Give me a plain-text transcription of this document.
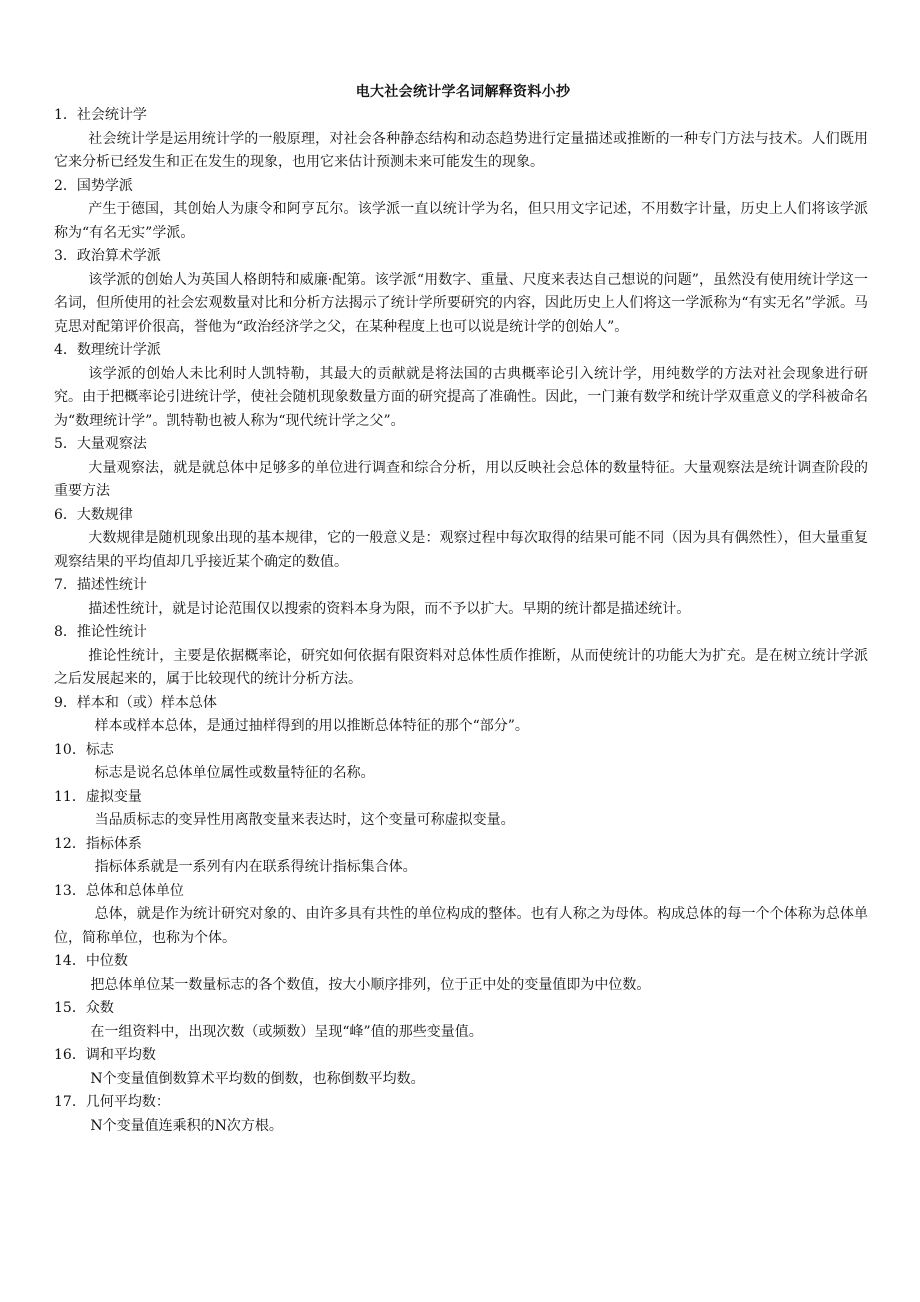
电大社会统计学名词解释资料小抄

1．社会统计学

社会统计学是运用统计学的一般原理，对社会各种静态结构和动态趋势进行定量描述或推断的一种专门方法与技术。人们既用它来分析已经发生和正在发生的现象，也用它来估计预测未来可能发生的现象。

2．国势学派

产生于德国，其创始人为康令和阿亨瓦尔。该学派一直以统计学为名，但只用文字记述，不用数字计量，历史上人们将该学派称为“有名无实”学派。

3．政治算术学派

该学派的创始人为英国人格朗特和威廉·配第。该学派“用数字、重量、尺度来表达自己想说的问题”，虽然没有使用统计学这一名词，但所使用的社会宏观数量对比和分析方法揭示了统计学所要研究的内容，因此历史上人们将这一学派称为“有实无名”学派。马克思对配第评价很高，誉他为“政治经济学之父，在某种程度上也可以说是统计学的创始人”。

4．数理统计学派

该学派的创始人未比利时人凯特勒，其最大的贡献就是将法国的古典概率论引入统计学，用纯数学的方法对社会现象进行研究。由于把概率论引进统计学，使社会随机现象数量方面的研究提高了准确性。因此，一门兼有数学和统计学双重意义的学科被命名为“数理统计学”。凯特勒也被人称为“现代统计学之父”。

5．大量观察法

大量观察法，就是就总体中足够多的单位进行调查和综合分析，用以反映社会总体的数量特征。大量观察法是统计调查阶段的重要方法

6．大数规律

大数规律是随机现象出现的基本规律，它的一般意义是：观察过程中每次取得的结果可能不同（因为具有偶然性），但大量重复观察结果的平均值却几乎接近某个确定的数值。

7．描述性统计

描述性统计，就是讨论范围仅以搜索的资料本身为限，而不予以扩大。早期的统计都是描述统计。

8．推论性统计

推论性统计，主要是依据概率论，研究如何依据有限资料对总体性质作推断，从而使统计的功能大为扩充。是在树立统计学派之后发展起来的，属于比较现代的统计分析方法。

9．样本和（或）样本总体

样本或样本总体，是通过抽样得到的用以推断总体特征的那个“部分”。

10．标志

标志是说名总体单位属性或数量特征的名称。

11．虚拟变量

当品质标志的变异性用离散变量来表达时，这个变量可称虚拟变量。

12．指标体系

指标体系就是一系列有内在联系得统计指标集合体。

13．总体和总体单位

总体，就是作为统计研究对象的、由许多具有共性的单位构成的整体。也有人称之为母体。构成总体的每一个个体称为总体单位，简称单位，也称为个体。

14．中位数

把总体单位某一数量标志的各个数值，按大小顺序排列，位于正中处的变量值即为中位数。

15．众数

在一组资料中，出现次数（或频数）呈现“峰”值的那些变量值。

16．调和平均数

N个变量值倒数算术平均数的倒数，也称倒数平均数。

17．几何平均数：

N个变量值连乘积的N次方根。
